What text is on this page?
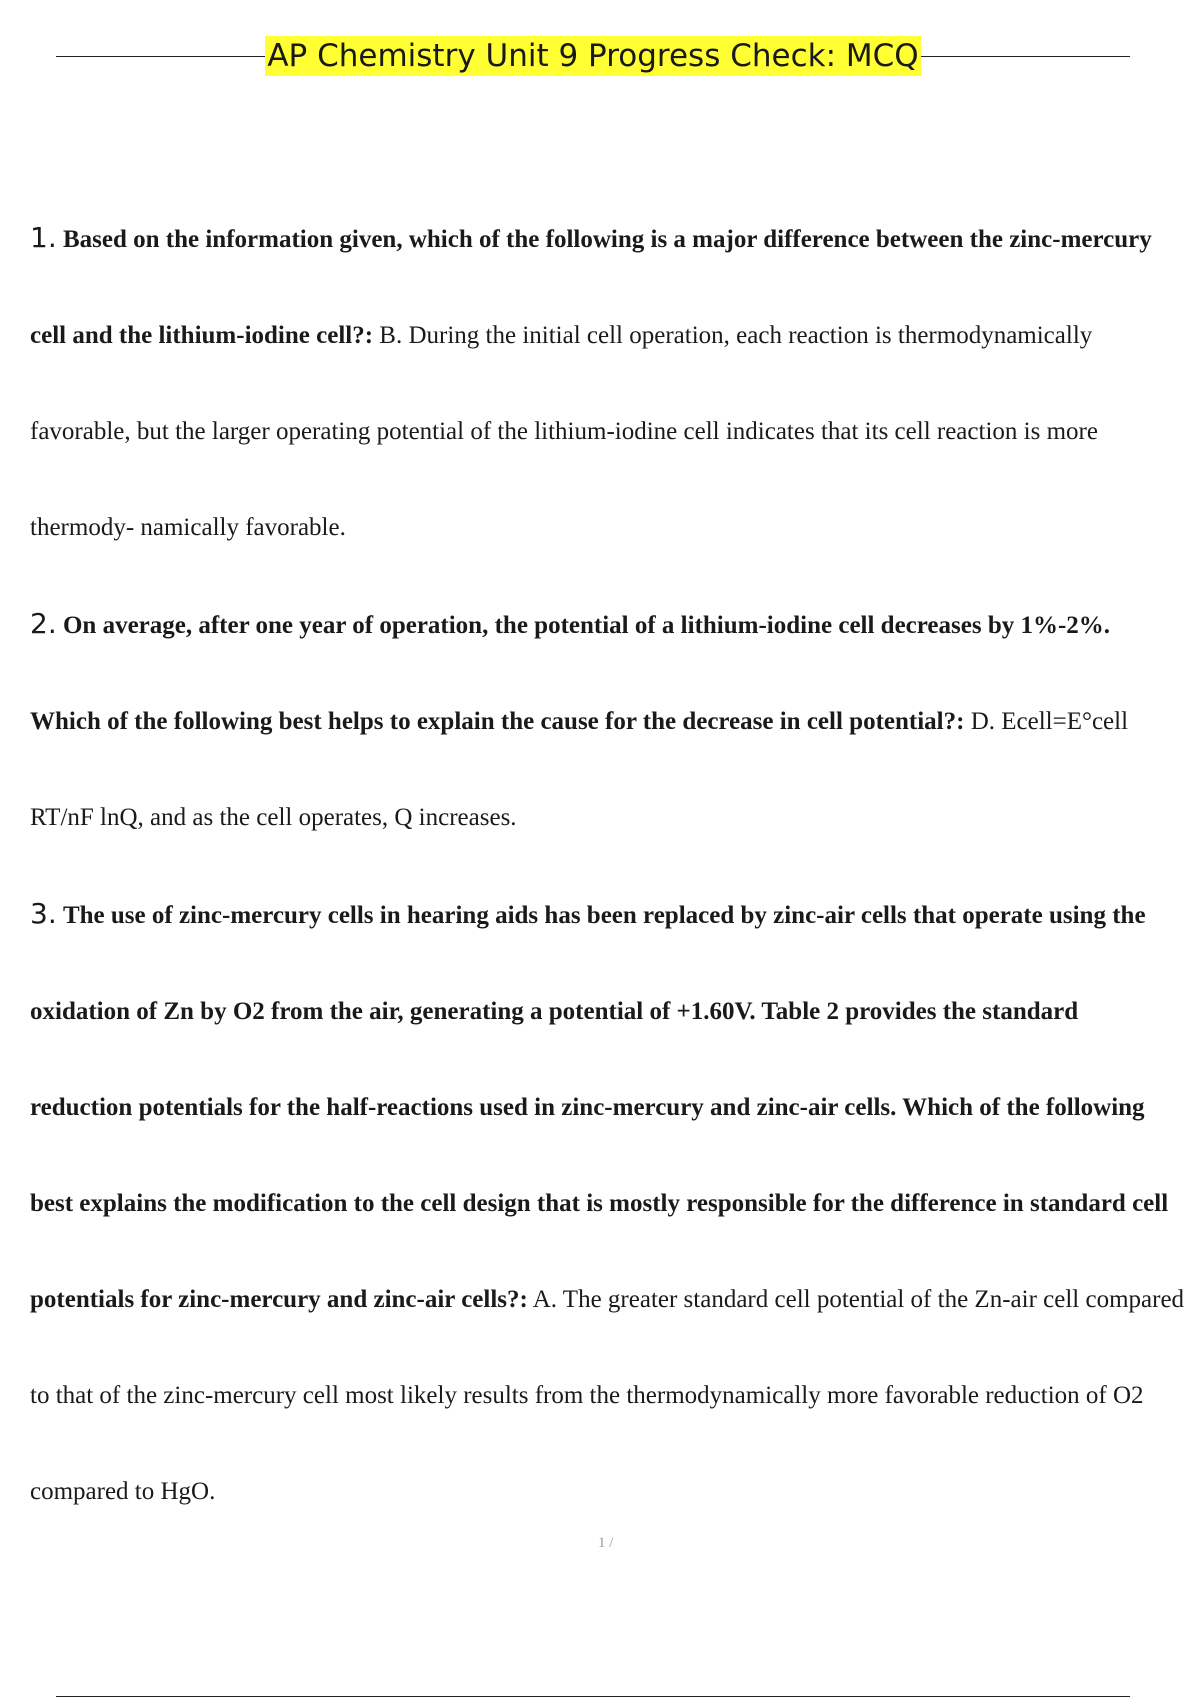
AP Chemistry Unit 9 Progress Check: MCQ

1. Based on the information given, which of the following is a major difference between the zinc-mercury cell and the lithium-iodine cell?: B. During the initial cell operation, each reaction is thermodynamically favorable, but the larger operating potential of the lithium-iodine cell indicates that its cell reaction is more thermody- namically favorable.

2. On average, after one year of operation, the potential of a lithium-iodine cell decreases by 1%-2%. Which of the following best helps to explain the cause for the decrease in cell potential?: D. Ecell=E°cell RT/nF lnQ, and as the cell operates, Q increases.

3. The use of zinc-mercury cells in hearing aids has been replaced by zinc-air cells that operate using the oxidation of Zn by O2 from the air, generating a potential of +1.60V. Table 2 provides the standard reduction potentials for the half-reactions used in zinc-mercury and zinc-air cells. Which of the following best explains the modification to the cell design that is mostly responsible for the difference in standard cell potentials for zinc-mercury and zinc-air cells?: A. The greater standard cell potential of the Zn-air cell compared to that of the zinc-mercury cell most likely results from the thermodynamically more favorable reduction of O2 compared to HgO.

1 /
